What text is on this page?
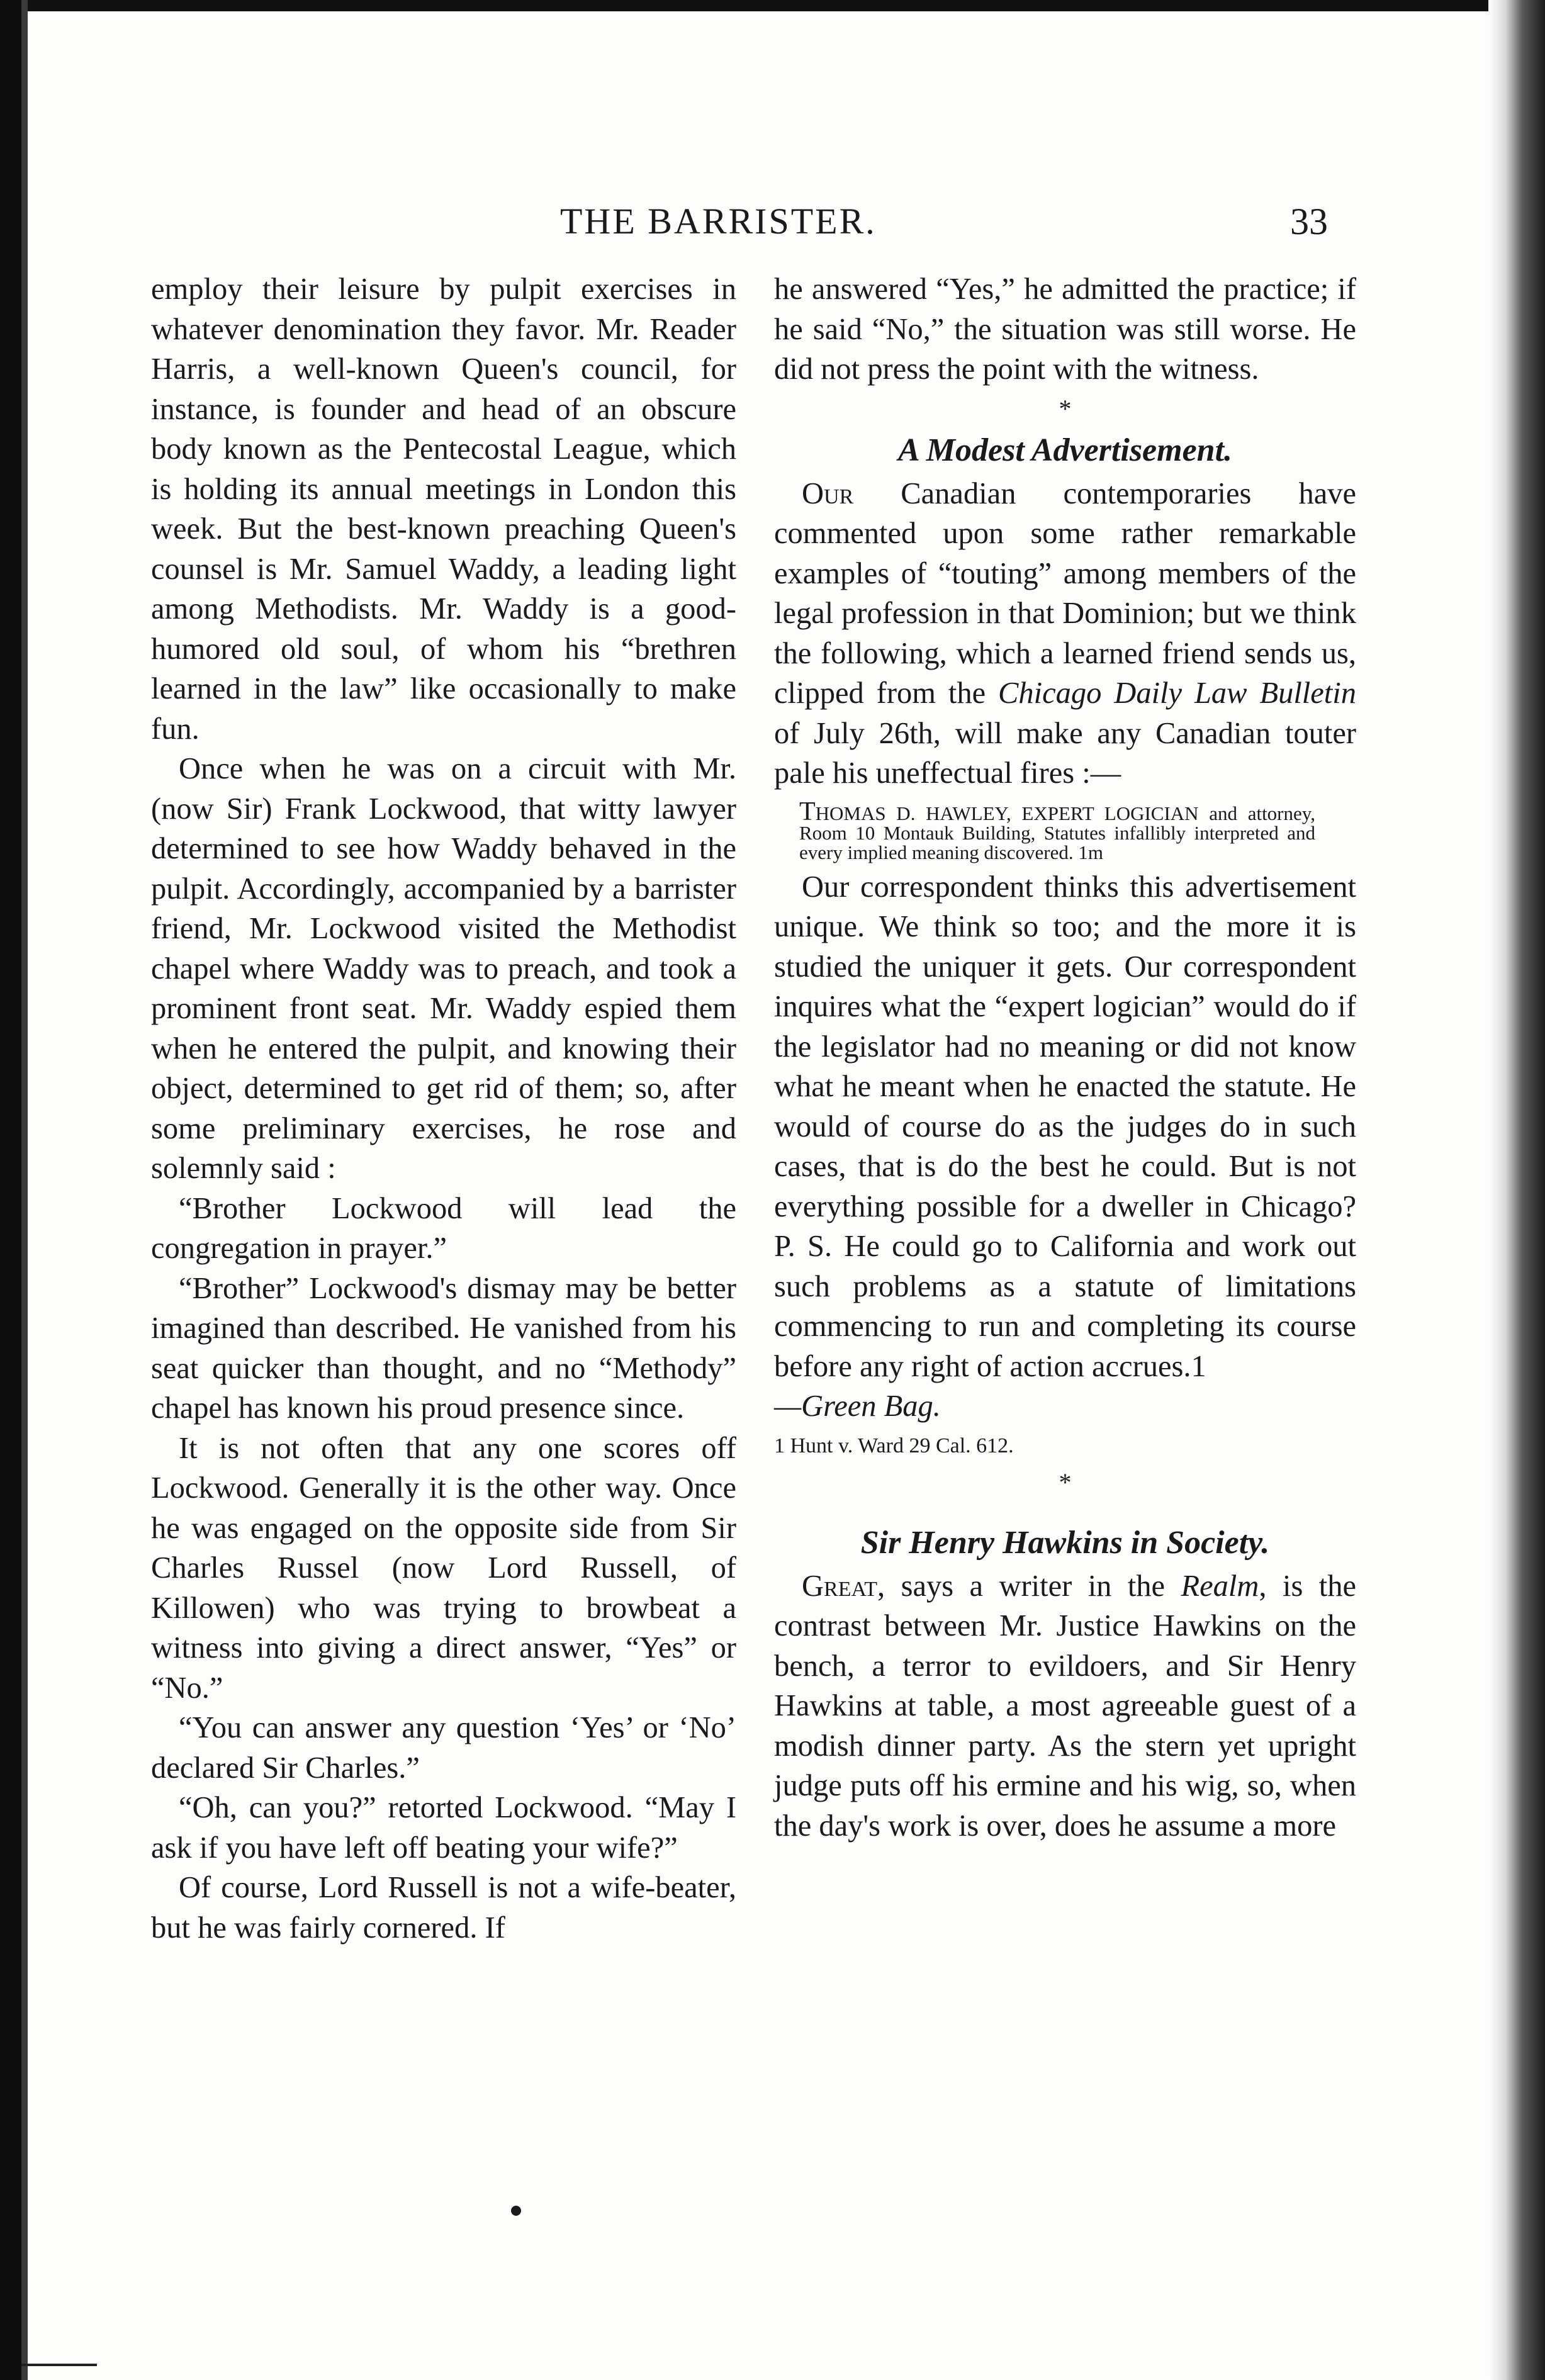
THE BARRISTER.	33

employ their leisure by pulpit exercises in whatever denomination they favor. Mr. Reader Harris, a well-known Queen's council, for instance, is founder and head of an obscure body known as the Pentecostal League, which is holding its annual meetings in London this week. But the best-known preaching Queen's counsel is Mr. Samuel Waddy, a leading light among Methodists. Mr. Waddy is a good-humored old soul, of whom his “brethren learned in the law” like occasionally to make fun.

Once when he was on a circuit with Mr. (now Sir) Frank Lockwood, that witty lawyer determined to see how Waddy behaved in the pulpit. Accordingly, accompanied by a barrister friend, Mr. Lockwood visited the Methodist chapel where Waddy was to preach, and took a prominent front seat. Mr. Waddy espied them when he entered the pulpit, and knowing their object, determined to get rid of them; so, after some preliminary exercises, he rose and solemnly said :

“Brother Lockwood will lead the congregation in prayer.”

“Brother” Lockwood's dismay may be better imagined than described. He vanished from his seat quicker than thought, and no “Methody” chapel has known his proud presence since.

It is not often that any one scores off Lockwood. Generally it is the other way. Once he was engaged on the opposite side from Sir Charles Russel (now Lord Russell, of Killowen) who was trying to browbeat a witness into giving a direct answer, “Yes” or “No.”

“You can answer any question ‘Yes’ or ‘No’ declared Sir Charles.”

“Oh, can you?” retorted Lockwood. “May I ask if you have left off beating your wife?”

Of course, Lord Russell is not a wife-beater, but he was fairly cornered. If

he answered “Yes,” he admitted the practice; if he said “No,” the situation was still worse. He did not press the point with the witness.

*
A Modest Advertisement.

Our Canadian contemporaries have commented upon some rather remarkable examples of “touting” among members of the legal profession in that Dominion; but we think the following, which a learned friend sends us, clipped from the Chicago Daily Law Bulletin of July 26th, will make any Canadian touter pale his uneffectual fires :—

THOMAS D. HAWLEY, EXPERT LOGICIAN and attorney, Room 10 Montauk Building, Statutes infallibly interpreted and every implied meaning discovered. 1m

Our correspondent thinks this advertisement unique. We think so too; and the more it is studied the uniquer it gets. Our correspondent inquires what the “expert logician” would do if the legislator had no meaning or did not know what he meant when he enacted the statute. He would of course do as the judges do in such cases, that is do the best he could. But is not everything possible for a dweller in Chicago? P. S. He could go to California and work out such problems as a statute of limitations commencing to run and completing its course before any right of action accrues.1

—Green Bag.

1 Hunt v. Ward 29 Cal. 612.
*
Sir Henry Hawkins in Society.

Great, says a writer in the Realm, is the contrast between Mr. Justice Hawkins on the bench, a terror to evildoers, and Sir Henry Hawkins at table, a most agreeable guest of a modish dinner party. As the stern yet upright judge puts off his ermine and his wig, so, when the day's work is over, does he assume a more
